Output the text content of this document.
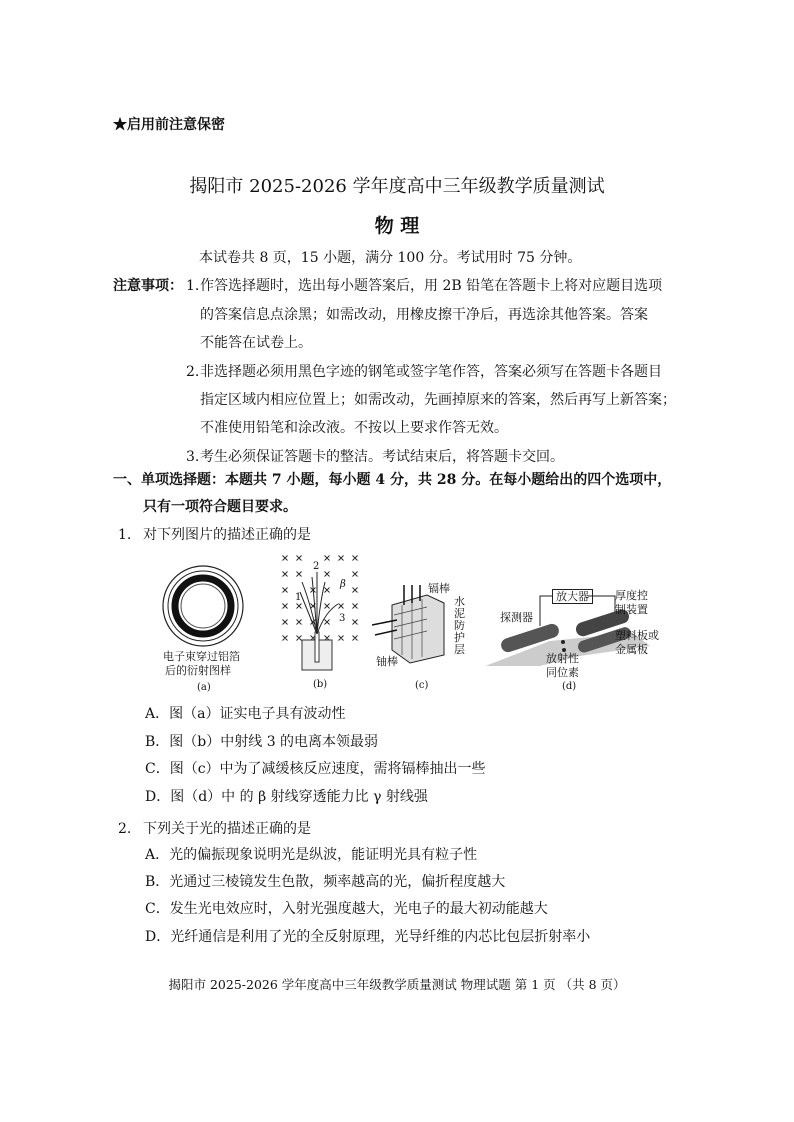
★启用前注意保密
揭阳市 2025-2026 学年度高中三年级教学质量测试
物 理
本试卷共 8 页，15 小题，满分 100 分。考试用时 75 分钟。
注意事项： 1. 作答选择题时，选出每小题答案后，用 2B 铅笔在答题卡上将对应题目选项
的答案信息点涂黑；如需改动，用橡皮擦干净后，再选涂其他答案。答案
不能答在试卷上。
2. 非选择题必须用黑色字迹的钢笔或签字笔作答，答案必须写在答题卡各题目
指定区域内相应位置上；如需改动，先画掉原来的答案，然后再写上新答案；
不准使用铅笔和涂改液。不按以上要求作答无效。
3. 考生必须保证答题卡的整洁。考试结束后，将答题卡交回。
一、单项选择题：本题共 7 小题，每小题 4 分，共 28 分。在每小题给出的四个选项中，
只有一项符合题目要求。
1. 对下列图片的描述正确的是
电子束穿过铝箔
后的衍射图样
(a)
2
1
3
β
(b)
镉棒
水
泥
防
护
层
铀棒
(c)
放大器
探测器
厚度控
制装置
塑料板或
金属板
放射性
同位素
(d)
A．图（a）证实电子具有波动性
B．图（b）中射线 3 的电离本领最弱
C．图（c）中为了减缓核反应速度，需将镉棒抽出一些
D．图（d）中 的 β 射线穿透能力比 γ 射线强
2. 下列关于光的描述正确的是
A．光的偏振现象说明光是纵波，能证明光具有粒子性
B．光通过三棱镜发生色散，频率越高的光，偏折程度越大
C．发生光电效应时，入射光强度越大，光电子的最大初动能越大
D．光纤通信是利用了光的全反射原理，光导纤维的内芯比包层折射率小
揭阳市 2025-2026 学年度高中三年级教学质量测试 物理试题 第 1 页 （共 8 页）
